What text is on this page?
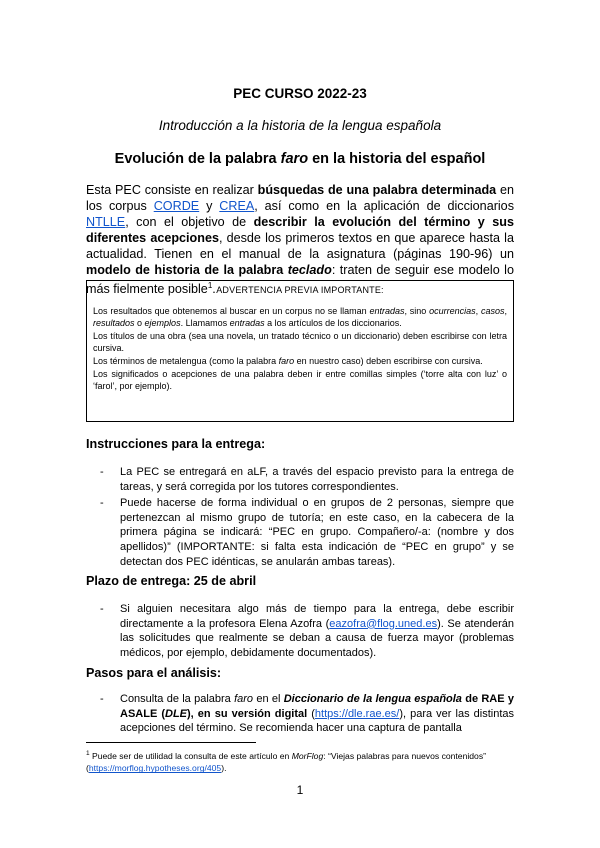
PEC CURSO 2022-23
Introducción a la historia de la lengua española
Evolución de la palabra faro en la historia del español
Esta PEC consiste en realizar búsquedas de una palabra determinada en los corpus CORDE y CREA, así como en la aplicación de diccionarios NTLLE, con el objetivo de describir la evolución del término y sus diferentes acepciones, desde los primeros textos en que aparece hasta la actualidad. Tienen en el manual de la asignatura (páginas 190-96) un modelo de historia de la palabra teclado: traten de seguir ese modelo lo más fielmente posible$^1$. ADVERTENCIA PREVIA IMPORTANTE:

Los resultados que obtenemos al buscar en un corpus no se llaman entradas, sino ocurrencias, casos, resultados o ejemplos. Llamamos entradas a los artículos de los diccionarios.

Los títulos de una obra (sea una novela, un tratado técnico o un diccionario) deben escribirse con letra cursiva.

Los términos de metalengua (como la palabra faro en nuestro caso) deben escribirse con cursiva.

Los significados o acepciones de una palabra deben ir entre comillas simples (‘torre alta con luz’ o ‘farol’, por ejemplo).

Instrucciones para la entrega:
-	La PEC se entregará en aLF, a través del espacio previsto para la entrega de tareas, y será corregida por los tutores correspondientes.
-	Puede hacerse de forma individual o en grupos de 2 personas, siempre que pertenezcan al mismo grupo de tutoría; en este caso, en la cabecera de la primera página se indicará: “PEC en grupo. Compañero/-a: (nombre y dos apellidos)” (IMPORTANTE: si falta esta indicación de “PEC en grupo” y se detectan dos PEC idénticas, se anularán ambas tareas).
Plazo de entrega: 25 de abril
-	Si alguien necesitara algo más de tiempo para la entrega, debe escribir directamente a la profesora Elena Azofra (eazofra@flog.uned.es). Se atenderán las solicitudes que realmente se deban a causa de fuerza mayor (problemas médicos, por ejemplo, debidamente documentados).
Pasos para el análisis:
-	Consulta de la palabra faro en el Diccionario de la lengua española de RAE y ASALE (DLE), en su versión digital (https://dle.rae.es/), para ver las distintas acepciones del término. Se recomienda hacer una captura de pantalla
$^1$ Puede ser de utilidad la consulta de este artículo en MorFlog: “Viejas palabras para nuevos contenidos” (https://morflog.hypotheses.org/405).
1
